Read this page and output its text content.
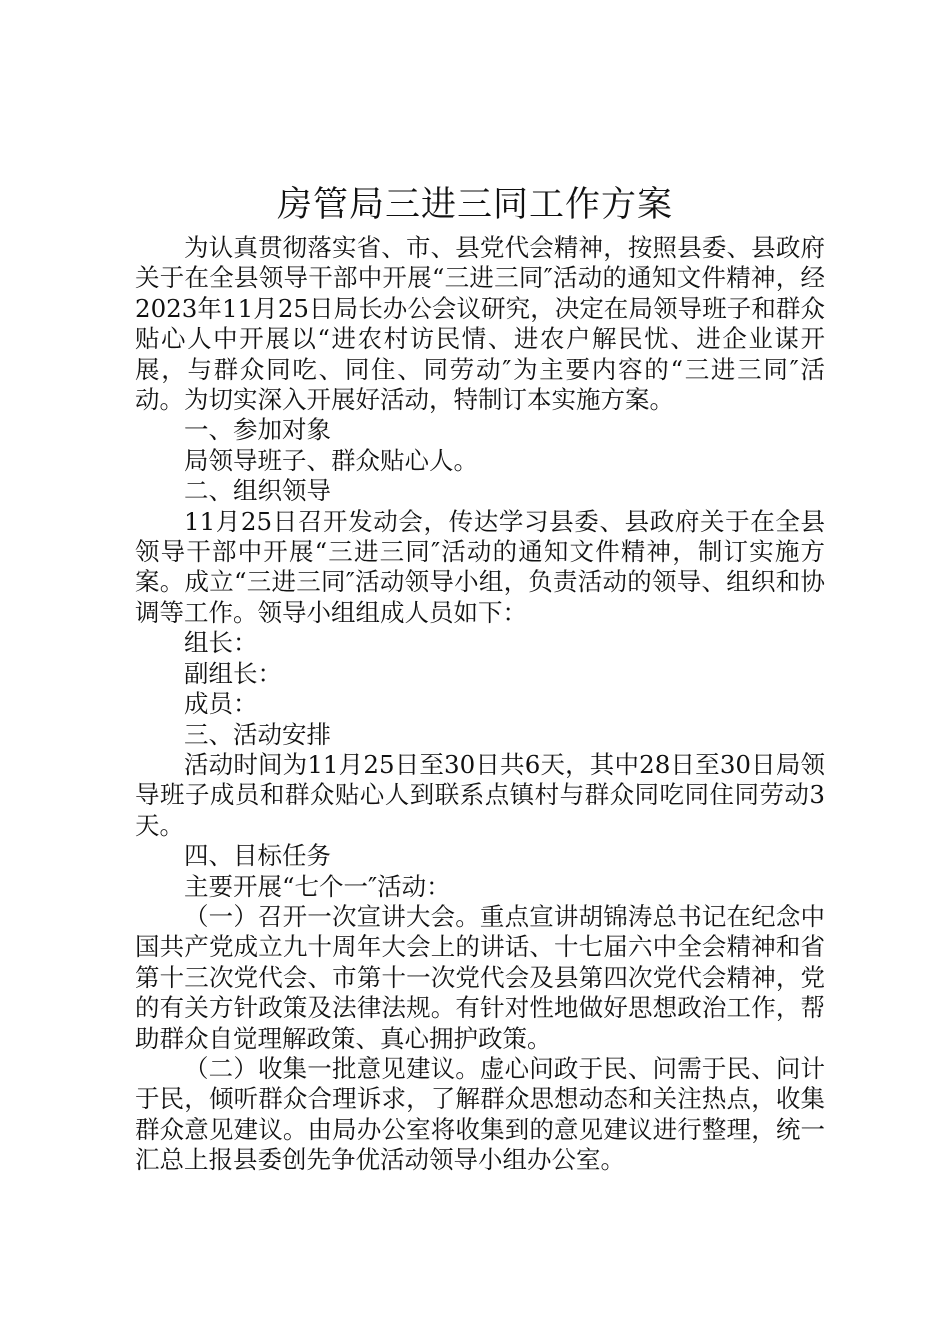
房管局三进三同工作方案

为认真贯彻落实省、市、县党代会精神，按照县委、县政府关于在全县领导干部中开展“三进三同″活动的通知文件精神，经2023年11月25日局长办公会议研究，决定在局领导班子和群众贴心人中开展以“进农村访民情、进农户解民忧、进企业谋开展，与群众同吃、同住、同劳动″为主要内容的“三进三同″活动。为切实深入开展好活动，特制订本实施方案。

一、参加对象

局领导班子、群众贴心人。

二、组织领导

11月25日召开发动会，传达学习县委、县政府关于在全县领导干部中开展“三进三同″活动的通知文件精神，制订实施方案。成立“三进三同″活动领导小组，负责活动的领导、组织和协调等工作。领导小组组成人员如下：

组长：

副组长：

成员：

三、活动安排

活动时间为11月25日至30日共6天，其中28日至30日局领导班子成员和群众贴心人到联系点镇村与群众同吃同住同劳动3天。

四、目标任务

主要开展“七个一″活动：

（一）召开一次宣讲大会。重点宣讲胡锦涛总书记在纪念中国共产党成立九十周年大会上的讲话、十七届六中全会精神和省第十三次党代会、市第十一次党代会及县第四次党代会精神，党的有关方针政策及法律法规。有针对性地做好思想政治工作，帮助群众自觉理解政策、真心拥护政策。

（二）收集一批意见建议。虚心问政于民、问需于民、问计于民，倾听群众合理诉求，了解群众思想动态和关注热点，收集群众意见建议。由局办公室将收集到的意见建议进行整理，统一汇总上报县委创先争优活动领导小组办公室。
